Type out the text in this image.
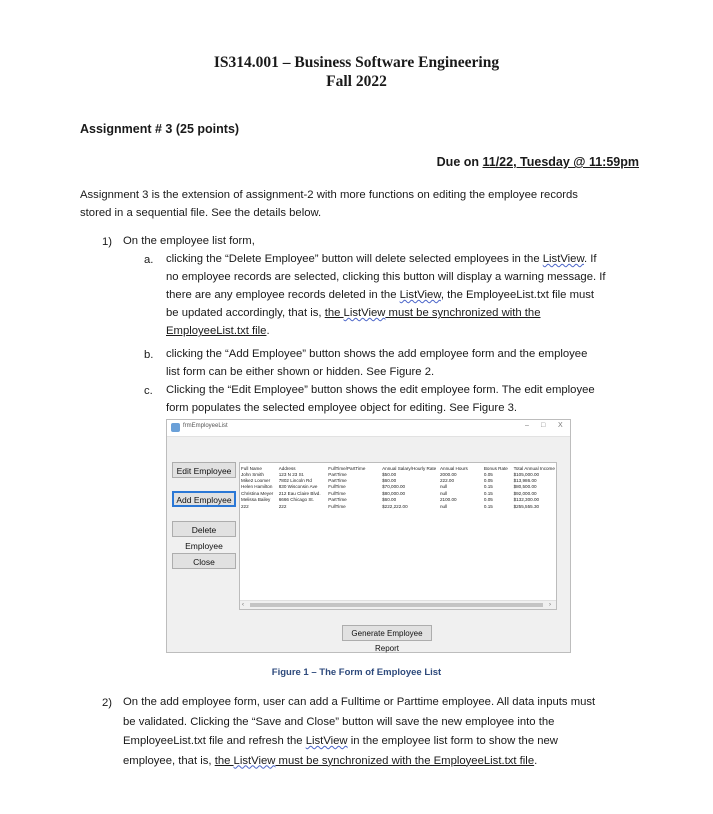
IS314.001 – Business Software Engineering
Fall 2022
Assignment # 3 (25 points)
Due on 11/22, Tuesday @ 11:59pm
Assignment 3 is the extension of assignment-2 with more functions on editing the employee records
stored in a sequential file. See the details below.
1) On the employee list form,
a. clicking the “Delete Employee” button will delete selected employees in the ListView. If
no employee records are selected, clicking this button will display a warning message. If
there are any employee records deleted in the ListView, the EmployeeList.txt file must
be updated accordingly, that is, the ListView must be synchronized with the
EmployeeList.txt file.
b. clicking the “Add Employee” button shows the add employee form and the employee
list form can be either shown or hidden. See Figure 2.
c. Clicking the “Edit Employee” button shows the edit employee form. The edit employee
form populates the selected employee object for editing. See Figure 3.
frmEmployeeList	– □ X
Edit Employee
Add Employee
Delete Employee
Close
Full Name	Address	FullTime/PartTime	Annual Salary/Hourly Rate	Annual Hours	Bonus Rate	Total Annual Income
John Smith	123 N 23 St.	PartTime	$50.00	2000.00	0.05	$105,000.00
Mike2 Loomer	7802 Lincoln Rd	PartTime	$60.00	222.00	0.05	$13,986.00
Helen Hamilton	830 Wisconsin Ave	FullTime	$70,000.00	null	0.15	$80,500.00
Christina Meyer	212 Eau Claire Blvd.	FullTime	$80,000.00	null	0.15	$92,000.00
Melissa Bailey	6666 Chicago St.	PartTime	$60.00	2100.00	0.05	$132,300.00
222	222	FullTime	$222,222.00	null	0.15	$255,555.30
‹	›
Generate Employee Report
Figure 1 – The Form of Employee List
2) On the add employee form, user can add a Fulltime or Parttime employee. All data inputs must
be validated. Clicking the “Save and Close” button will save the new employee into the
EmployeeList.txt file and refresh the ListView in the employee list form to show the new
employee, that is, the ListView must be synchronized with the EmployeeList.txt file.
